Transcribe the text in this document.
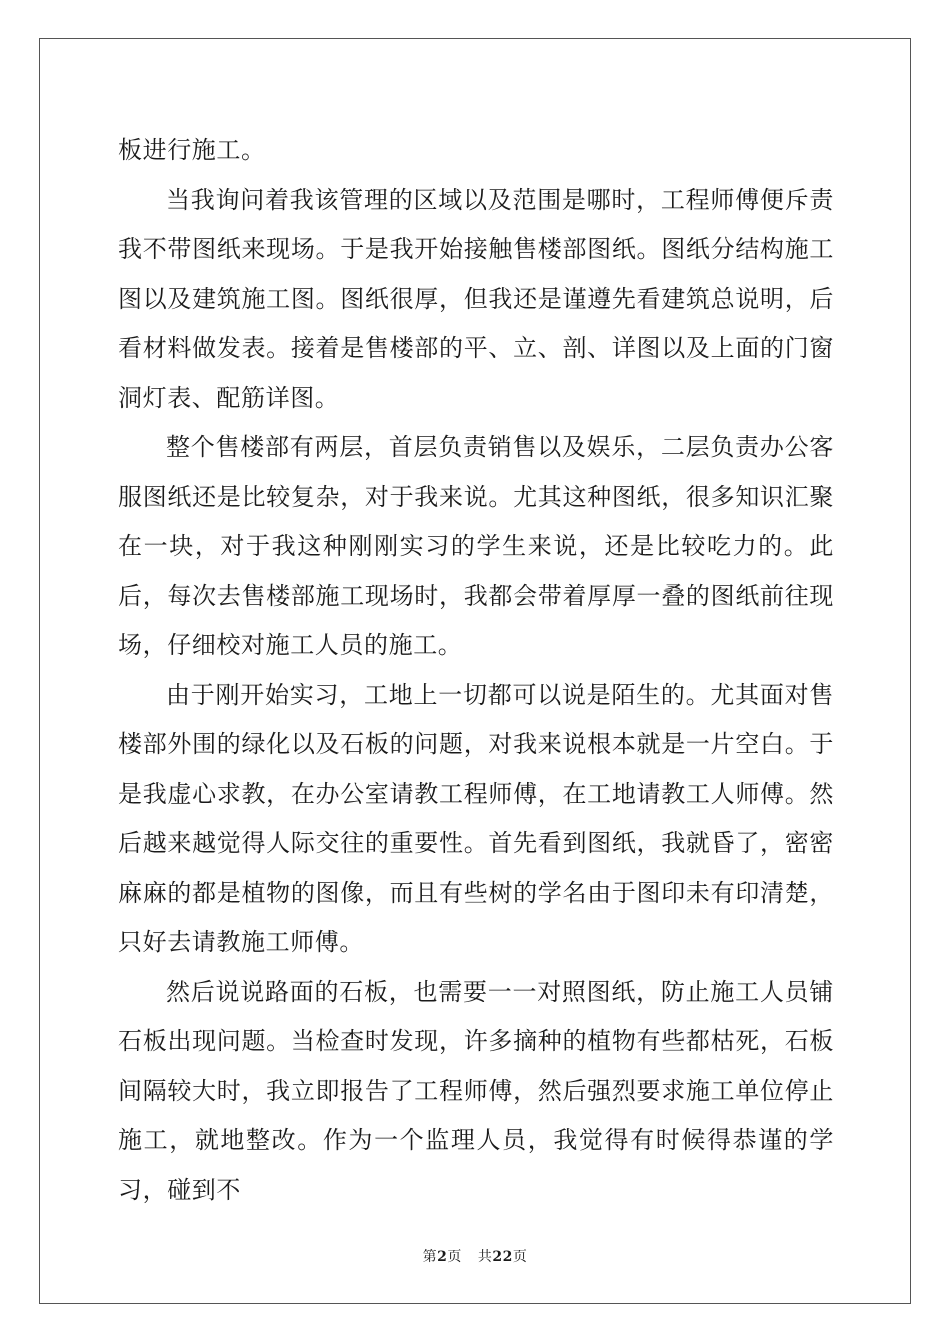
板进行施工。

当我询问着我该管理的区域以及范围是哪时，工程师傅便斥责我不带图纸来现场。于是我开始接触售楼部图纸。图纸分结构施工图以及建筑施工图。图纸很厚，但我还是谨遵先看建筑总说明，后看材料做发表。接着是售楼部的平、立、剖、详图以及上面的门窗洞灯表、配筋详图。

整个售楼部有两层，首层负责销售以及娱乐，二层负责办公客服图纸还是比较复杂，对于我来说。尤其这种图纸，很多知识汇聚在一块，对于我这种刚刚实习的学生来说，还是比较吃力的。此后，每次去售楼部施工现场时，我都会带着厚厚一叠的图纸前往现场，仔细校对施工人员的施工。

由于刚开始实习，工地上一切都可以说是陌生的。尤其面对售楼部外围的绿化以及石板的问题，对我来说根本就是一片空白。于是我虚心求教，在办公室请教工程师傅，在工地请教工人师傅。然后越来越觉得人际交往的重要性。首先看到图纸，我就昏了，密密麻麻的都是植物的图像，而且有些树的学名由于图印未有印清楚，只好去请教施工师傅。

然后说说路面的石板，也需要一一对照图纸，防止施工人员铺石板出现问题。当检查时发现，许多摘种的植物有些都枯死，石板间隔较大时，我立即报告了工程师傅，然后强烈要求施工单位停止施工，就地整改。作为一个监理人员，我觉得有时候得恭谨的学习，碰到不

第2页 共22页
